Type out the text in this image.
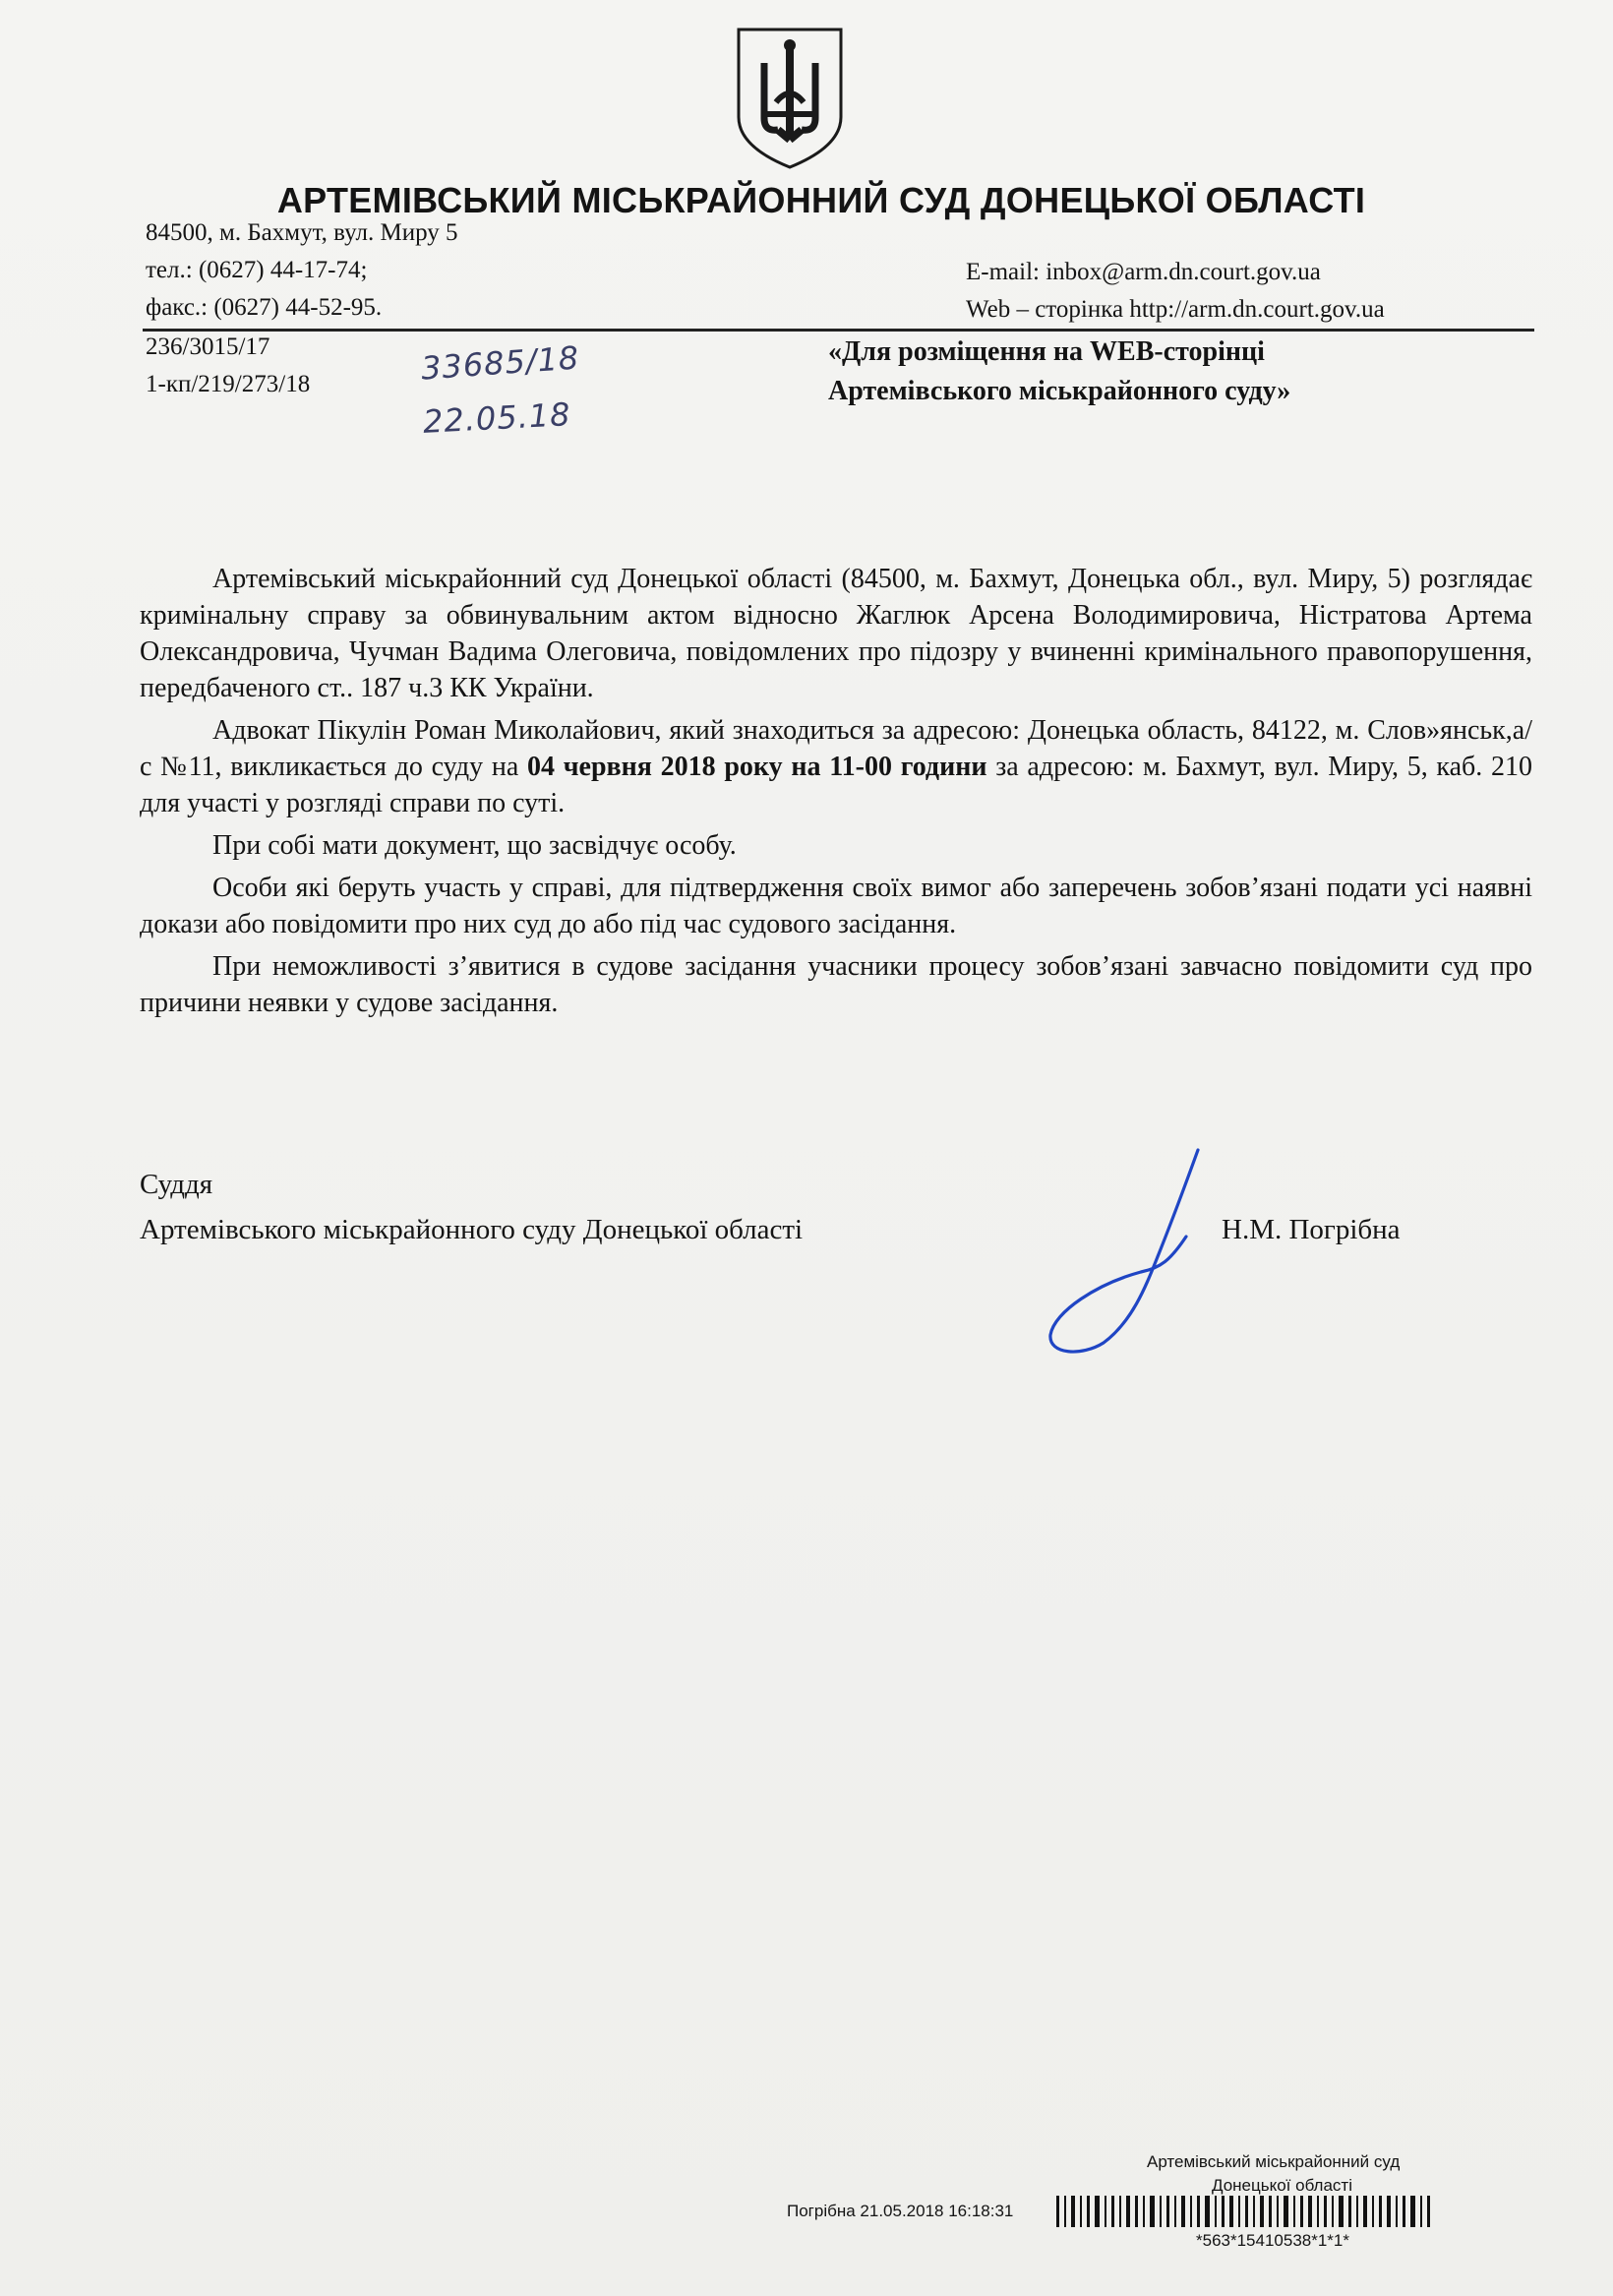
АРТЕМІВСЬКИЙ МІСЬКРАЙОННИЙ СУД ДОНЕЦЬКОЇ ОБЛАСТІ
84500, м. Бахмут, вул. Миру 5
тел.: (0627) 44-17-74;
факс.: (0627) 44-52-95.
E-mail: inbox@arm.dn.court.gov.ua
Web – сторінка http://arm.dn.court.gov.ua
236/3015/17
1-кп/219/273/18	33685/18
22.05.18
«Для розміщення на WEB-сторінці
Артемівського міськрайонного суду»

Артемівський міськрайонний суд Донецької області (84500, м. Бахмут, Донецька обл., вул. Миру, 5) розглядає кримінальну справу за обвинувальним актом відносно Жаглюк Арсена Володимировича, Ністратова Артема Олександровича, Чучман Вадима Олеговича, повідомлених про підозру у вчиненні кримінального правопорушення, передбаченого ст.. 187 ч.3 КК України.

Адвокат Пікулін Роман Миколайович, який знаходиться за адресою: Донецька область, 84122, м. Слов»янськ,а/с №11, викликається до суду на 04 червня 2018 року на 11-00 години за адресою: м. Бахмут, вул. Миру, 5, каб. 210 для участі у розгляді справи по суті.

При собі мати документ, що засвідчує особу.

Особи які беруть участь у справі, для підтвердження своїх вимог або заперечень зобов’язані подати усі наявні докази або повідомити про них суд до або під час судового засідання.

При неможливості з’явитися в судове засідання учасники процесу зобов’язані завчасно повідомити суд про причини неявки у судове засідання.

Суддя
Артемівського міськрайонного суду Донецької області	Н.М. Погрібна
Артемівський міськрайонний суд
Донецької області
Погрібна 21.05.2018 16:18:31
*563*15410538*1*1*
